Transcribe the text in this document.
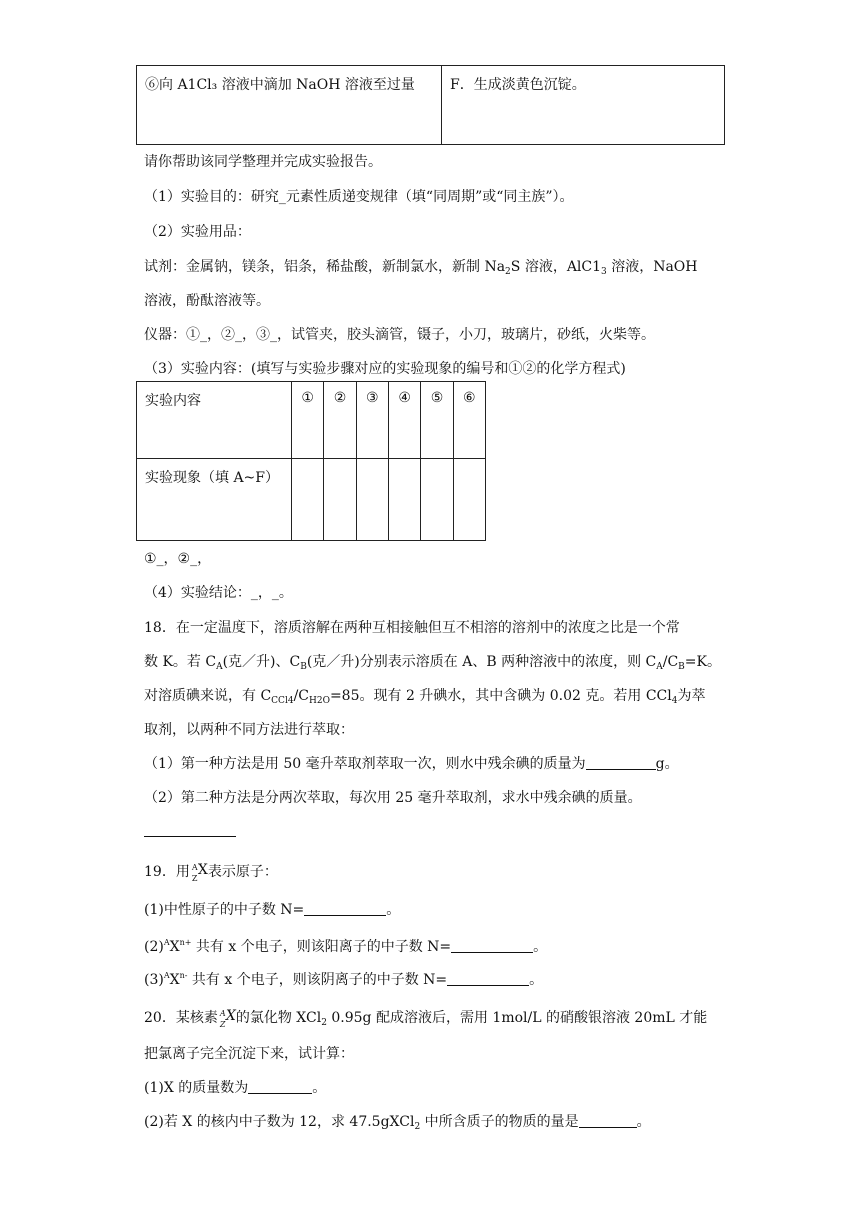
⑥向 A1Cl₃ 溶液中滴加 NaOH 溶液至过量	F．生成淡黄色沉锭。
请你帮助该同学整理并完成实验报告。
（1）实验目的：研究_元素性质递变规律（填“同周期”或“同主族”）。
（2）实验用品：
试剂：金属钠，镁条，铝条，稀盐酸，新制氯水，新制 $Na_2S$ 溶液，$AlC1_3$ 溶液，NaOH
溶液，酚酞溶液等。
仪器：①_，②_，③_，试管夹，胶头滴管，镊子，小刀，玻璃片，砂纸，火柴等。
（3）实验内容：(填写与实验步骤对应的实验现象的编号和①②的化学方程式)
实验内容	①	②	③	④	⑤	⑥
实验现象（填 A~F）						
①_，②_，
（4）实验结论：_，_。
18．在一定温度下，溶质溶解在两种互相接触但互不相溶的溶剂中的浓度之比是一个常
数 K。若 $C_A$(克／升)、$C_B$(克／升)分别表示溶质在 A、B 两种溶液中的浓度，则 $C_A/C_B=K$。
对溶质碘来说，有 $C_{CCl4}/C_{H2O}=85$。现有 2 升碘水，其中含碘为 0.02 克。若用 CCl$_4$为萃
取剂，以两种不同方法进行萃取：
（1）第一种方法是用 50 毫升萃取剂萃取一次，则水中残余碘的质量为	g。
（2）第二种方法是分两次萃取，每次用 25 毫升萃取剂，求水中残余碘的质量。
19．用 A
Z
X 表示原子：
(1)中性原子的中子数 N=	。
$(2)^AX^{n+}$ 共有 x 个电子，则该阳离子的中子数 N=	。
$(3)^AX^{n-}$ 共有 x 个电子，则该阴离子的中子数 N=	。
20．某核素 A
Z
X 的氯化物 XCl$_2$ 0.95g 配成溶液后，需用 1mol/L 的硝酸银溶液 20mL 才能
把氯离子完全沉淀下来，试计算：
(1)X 的质量数为	。
(2)若 X 的核内中子数为 12，求 47.5gXCl$_2$ 中所含质子的物质的量是	。
